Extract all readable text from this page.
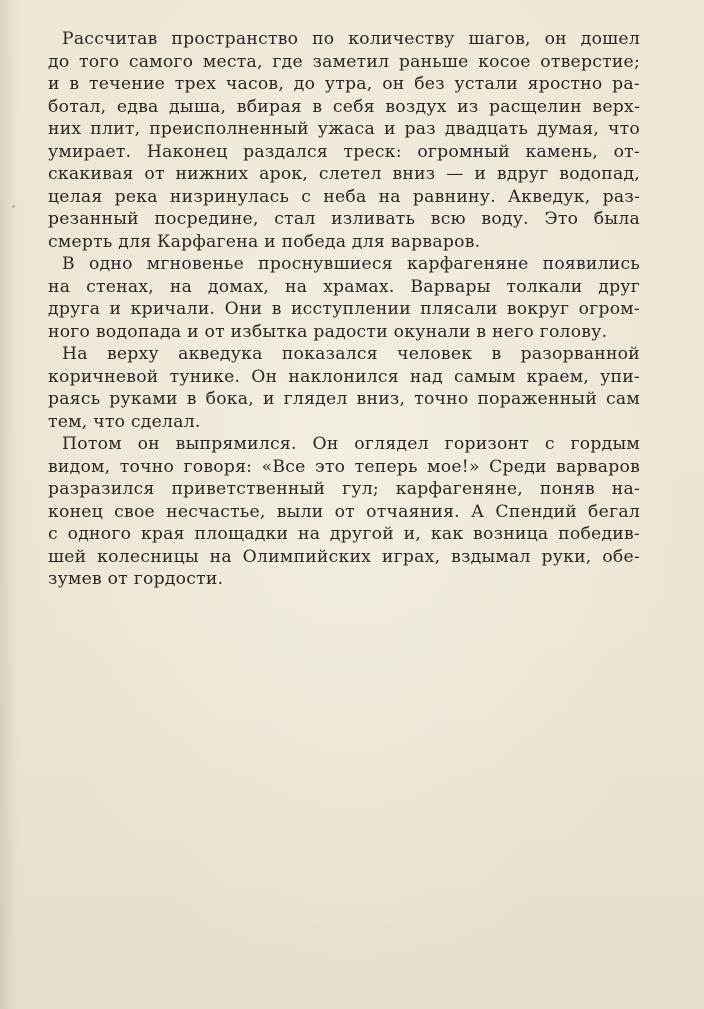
Рассчитав пространство по количеству шагов, он дошел
до того самого места, где заметил раньше косое отверстие;
и в течение трех часов, до утра, он без устали яростно ра-
ботал, едва дыша, вбирая в себя воздух из расщелин верх-
них плит, преисполненный ужаса и раз двадцать думая, что
умирает. Наконец раздался треск: огромный камень, от-
скакивая от нижних арок, слетел вниз — и вдруг водопад,
целая река низринулась с неба на равнину. Акведук, раз-
резанный посредине, стал изливать всю воду. Это была
смерть для Карфагена и победа для варваров.
В одно мгновенье проснувшиеся карфагеняне появились
на стенах, на домах, на храмах. Варвары толкали друг
друга и кричали. Они в исступлении плясали вокруг огром-
ного водопада и от избытка радости окунали в него голову.
На верху акведука показался человек в разорванной
коричневой тунике. Он наклонился над самым краем, упи-
раясь руками в бока, и глядел вниз, точно пораженный сам
тем, что сделал.
Потом он выпрямился. Он оглядел горизонт с гордым
видом, точно говоря: «Все это теперь мое!» Среди варваров
разразился приветственный гул; карфагеняне, поняв на-
конец свое несчастье, выли от отчаяния. А Спендий бегал
с одного края площадки на другой и, как возница победив-
шей колесницы на Олимпийских играх, вздымал руки, обе-
зумев от гордости.
